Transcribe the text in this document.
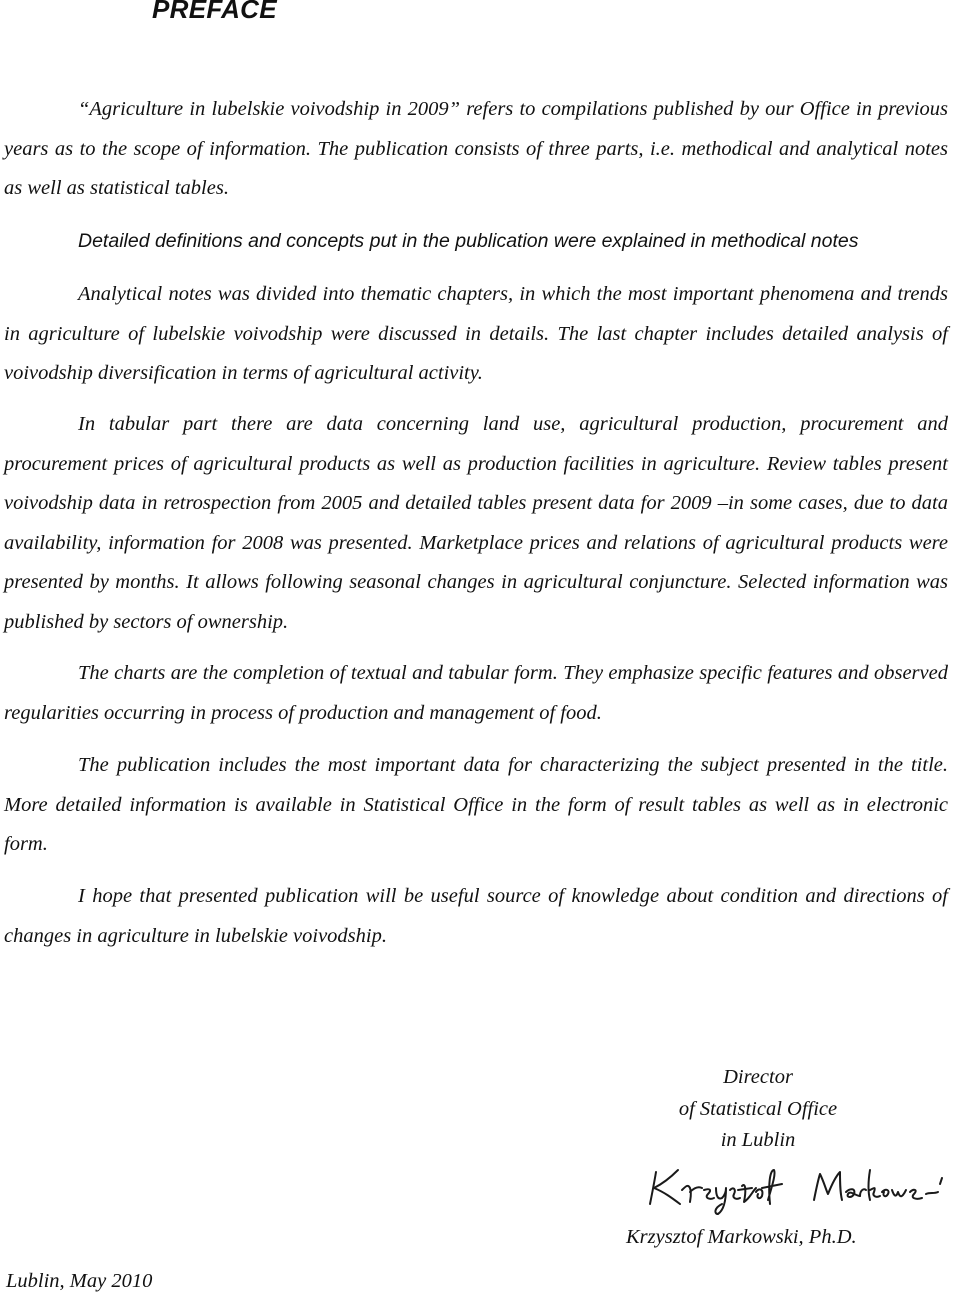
PREFACE

“Agriculture in lubelskie voivodship in 2009” refers to compilations published by our Office in previous years as to the scope of information. The publication consists of three parts, i.e. methodical and analytical notes as well as statistical tables.

Detailed definitions and concepts put in the publication were explained in methodical notes

Analytical notes was divided into thematic chapters, in which the most important phenomena and trends in agriculture of lubelskie voivodship were discussed in details. The last chapter includes detailed analysis of voivodship diversification in terms of agricultural activity.

In tabular part there are data concerning land use, agricultural production, procurement and procurement prices of agricultural products as well as production facilities in agriculture. Review tables present voivodship data in retrospection from 2005 and detailed tables present data for 2009 –in some cases, due to data availability, information for 2008 was presented. Marketplace prices and relations of agricultural products were presented by months. It allows following seasonal changes in agricultural conjuncture. Selected information was published by sectors of ownership.

The charts are the completion of textual and tabular form. They emphasize specific features and observed regularities occurring in process of production and management of food.

The publication includes the most important data for characterizing the subject presented in the title. More detailed information is available in Statistical Office in the form of result tables as well as in electronic form.

I hope that presented publication will be useful source of knowledge about condition and directions of changes in agriculture in lubelskie voivodship.

Director
of Statistical Office
in Lublin
Krzysztof Markowski, Ph.D.
Lublin, May 2010
